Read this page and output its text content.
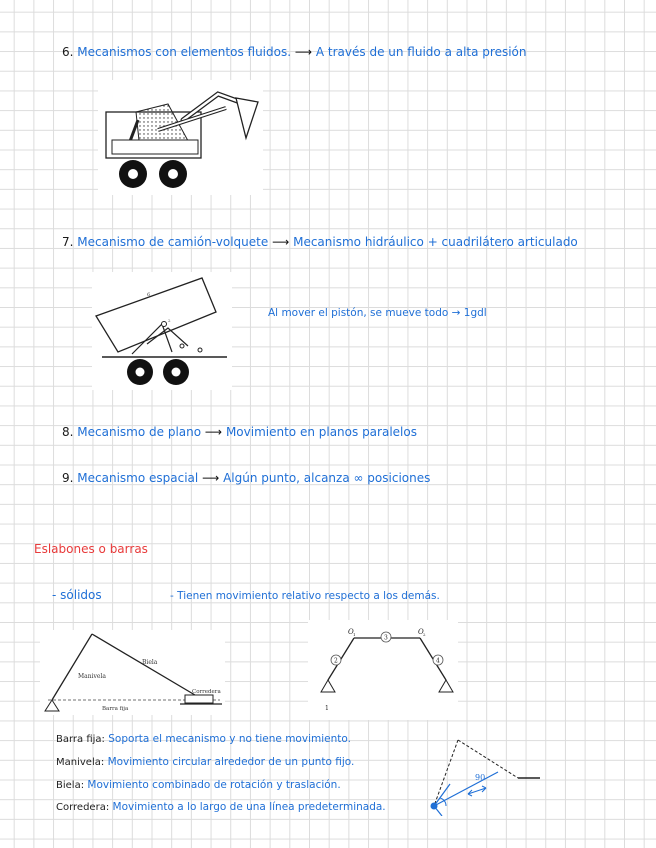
6. Mecanismos con elementos fluidos. ⟶ A través de un fluido a alta presión
7. Mecanismo de camión-volquete ⟶ Mecanismo hidráulico + cuadrilátero articulado
6
2
Al mover el pistón, se mueve todo → 1gdl
8. Mecanismo de plano ⟶ Movimiento en planos paralelos
9. Mecanismo espacial ⟶ Algún punto, alcanza ∞ posiciones
Eslabones o barras
- sólidos	- Tienen movimiento relativo respecto a los demás.
Manivela
Biela
Corredera
Barra fija
3
2	4
1
O 1	O 2
Barra fija: Soporta el mecanismo y no tiene movimiento.
Manivela: Movimiento circular alrededor de un punto fijo.
Biela: Movimiento combinado de rotación y traslación.
Corredera: Movimiento a lo largo de una línea predeterminada.
90
